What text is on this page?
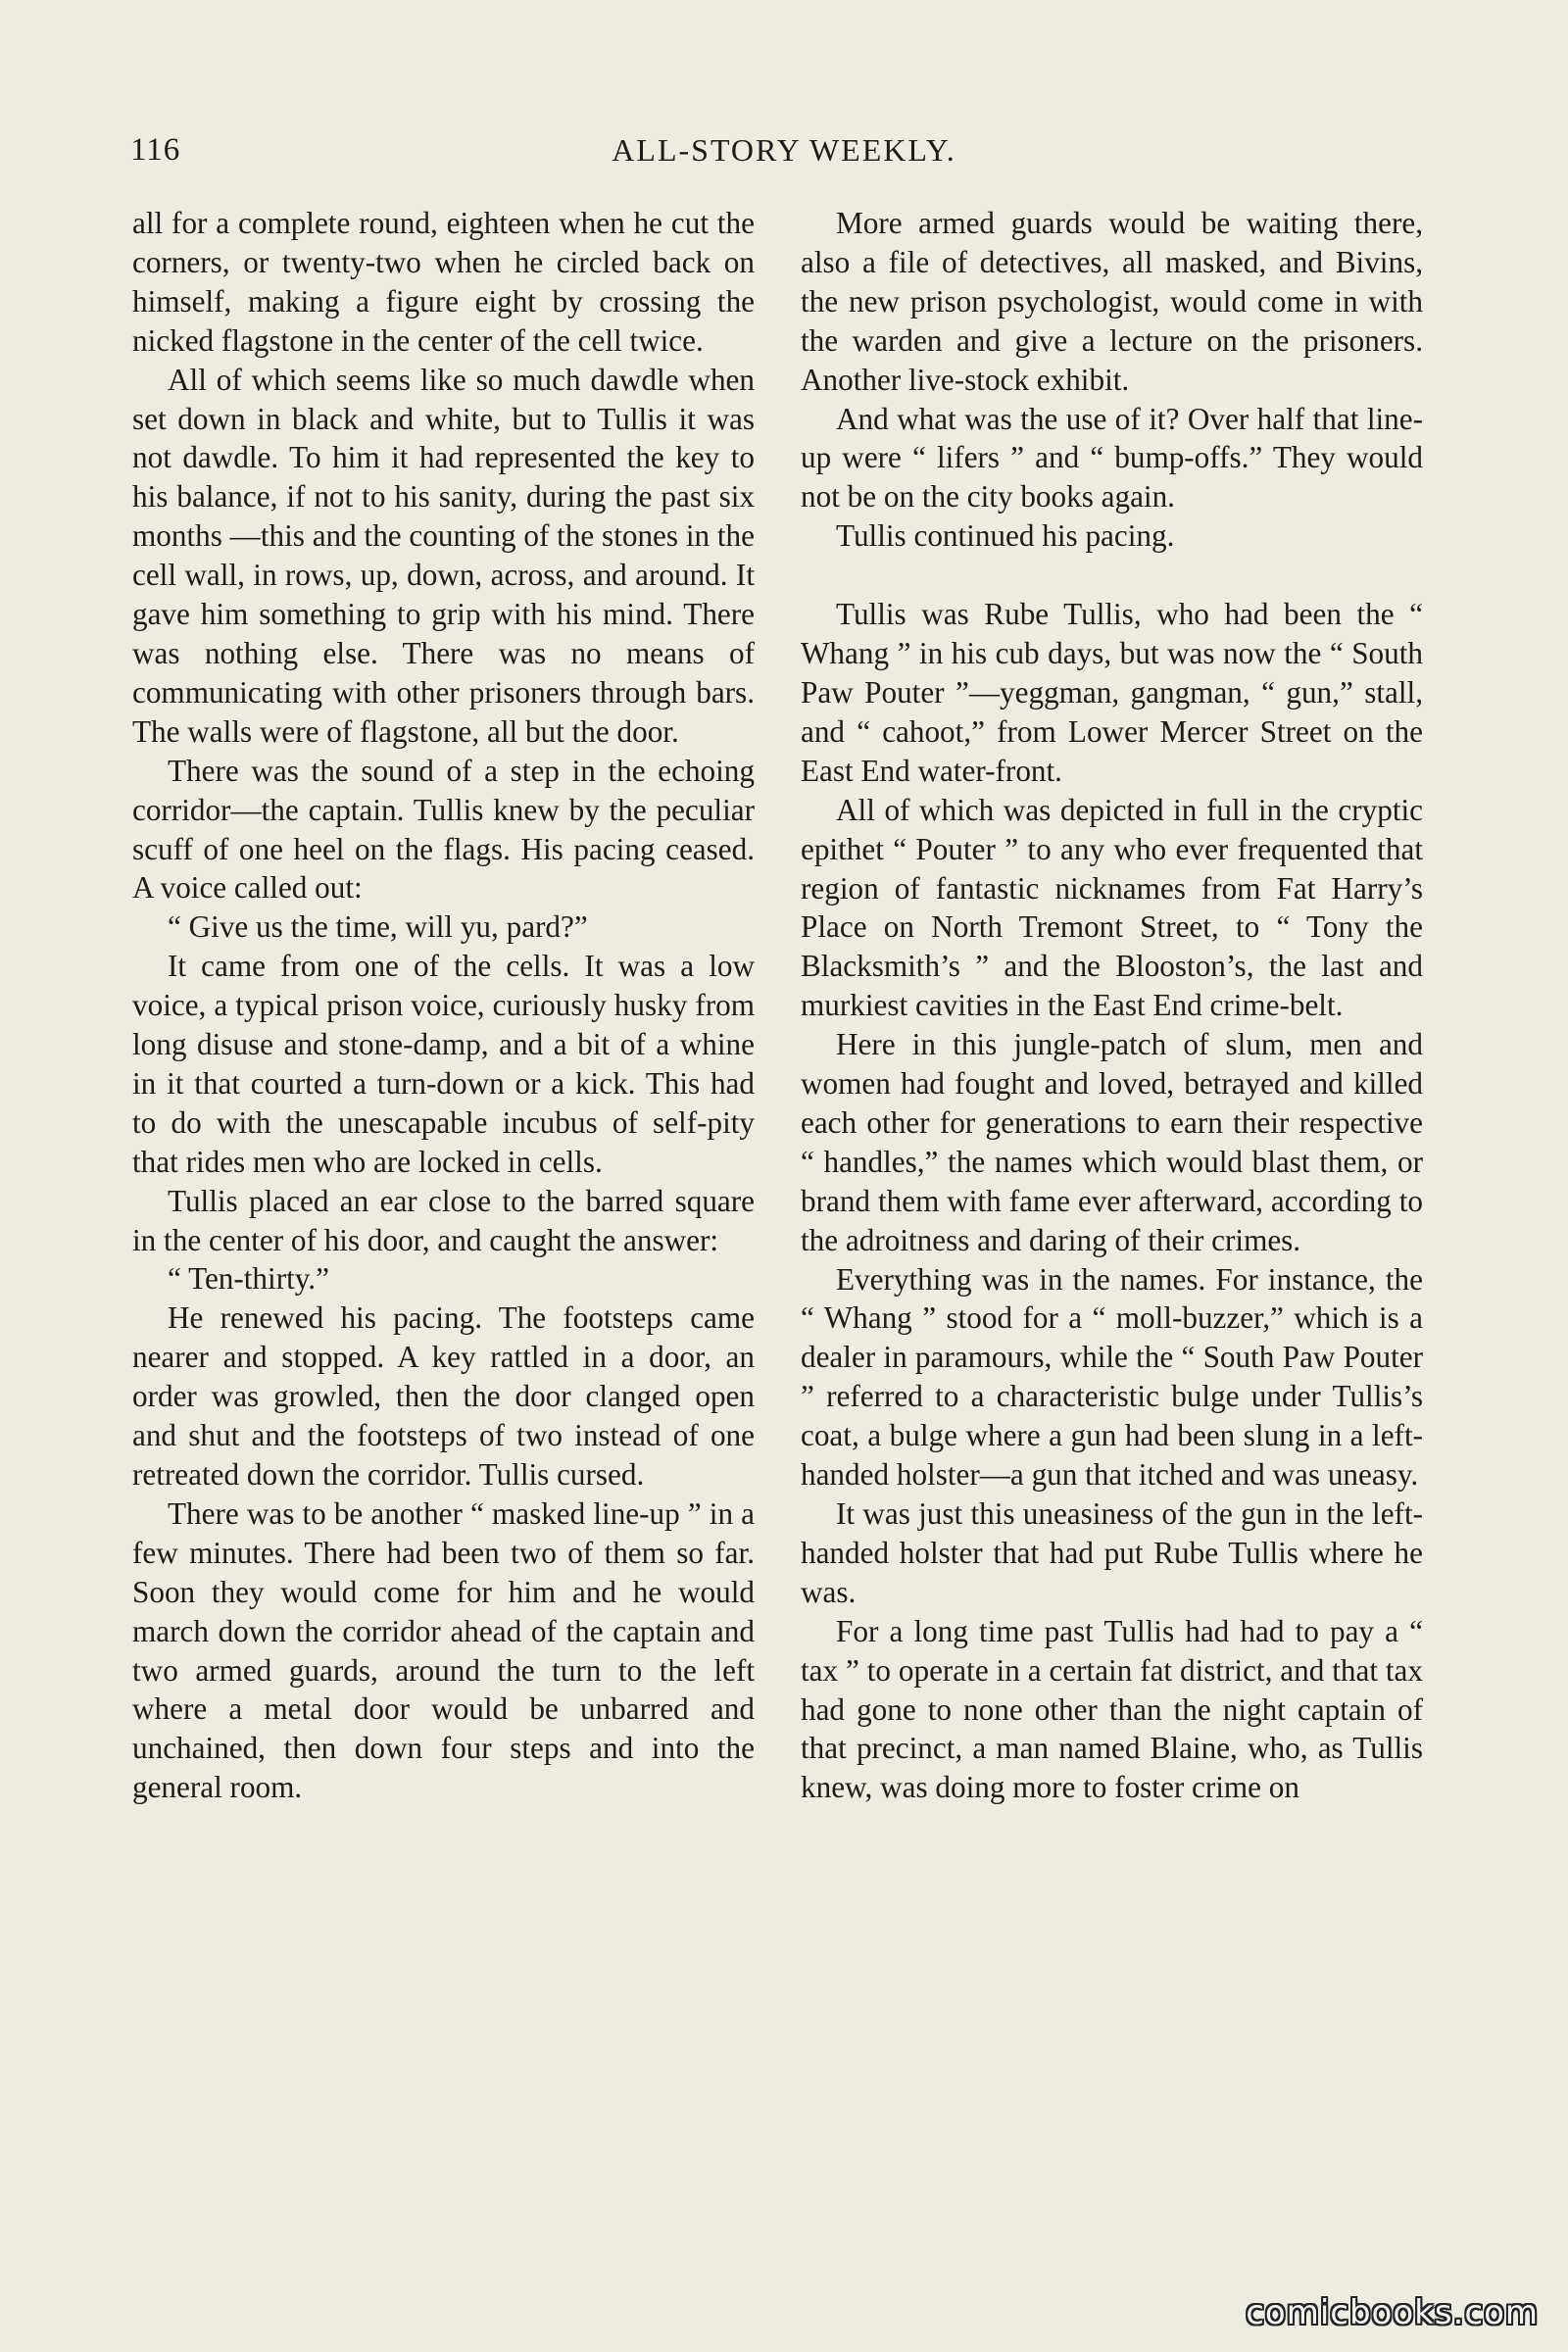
116	ALL-STORY WEEKLY.

all for a complete round, eighteen when he cut the corners, or twenty-two when he circled back on himself, making a figure eight by crossing the nicked flagstone in the center of the cell twice.

All of which seems like so much dawdle when set down in black and white, but to Tullis it was not dawdle. To him it had represented the key to his balance, if not to his sanity, during the past six months —this and the counting of the stones in the cell wall, in rows, up, down, across, and around. It gave him something to grip with his mind. There was nothing else. There was no means of communicating with other prisoners through bars. The walls were of flagstone, all but the door.

There was the sound of a step in the echoing corridor—the captain. Tullis knew by the peculiar scuff of one heel on the flags. His pacing ceased. A voice called out:

“ Give us the time, will yu, pard?”

It came from one of the cells. It was a low voice, a typical prison voice, curiously husky from long disuse and stone-damp, and a bit of a whine in it that courted a turn-down or a kick. This had to do with the unescapable incubus of self-pity that rides men who are locked in cells.

Tullis placed an ear close to the barred square in the center of his door, and caught the answer:

“ Ten-thirty.”

He renewed his pacing. The footsteps came nearer and stopped. A key rattled in a door, an order was growled, then the door clanged open and shut and the footsteps of two instead of one retreated down the corridor. Tullis cursed.

There was to be another “ masked line-up ” in a few minutes. There had been two of them so far. Soon they would come for him and he would march down the corridor ahead of the captain and two armed guards, around the turn to the left where a metal door would be unbarred and unchained, then down four steps and into the general room.

More armed guards would be waiting there, also a file of detectives, all masked, and Bivins, the new prison psychologist, would come in with the warden and give a lecture on the prisoners. Another live-stock exhibit.

And what was the use of it? Over half that line-up were “ lifers ” and “ bump-offs.” They would not be on the city books again.

Tullis continued his pacing.

Tullis was Rube Tullis, who had been the “ Whang ” in his cub days, but was now the “ South Paw Pouter ”—yeggman, gangman, “ gun,” stall, and “ cahoot,” from Lower Mercer Street on the East End water-front.

All of which was depicted in full in the cryptic epithet “ Pouter ” to any who ever frequented that region of fantastic nicknames from Fat Harry’s Place on North Tremont Street, to “ Tony the Blacksmith’s ” and the Blooston’s, the last and murkiest cavities in the East End crime-belt.

Here in this jungle-patch of slum, men and women had fought and loved, betrayed and killed each other for generations to earn their respective “ handles,” the names which would blast them, or brand them with fame ever afterward, according to the adroitness and daring of their crimes.

Everything was in the names. For instance, the “ Whang ” stood for a “ moll-buzzer,” which is a dealer in paramours, while the “ South Paw Pouter ” referred to a characteristic bulge under Tullis’s coat, a bulge where a gun had been slung in a left-handed holster—a gun that itched and was uneasy.

It was just this uneasiness of the gun in the left-handed holster that had put Rube Tullis where he was.

For a long time past Tullis had had to pay a “ tax ” to operate in a certain fat district, and that tax had gone to none other than the night captain of that precinct, a man named Blaine, who, as Tullis knew, was doing more to foster crime on

comicbooks.com
